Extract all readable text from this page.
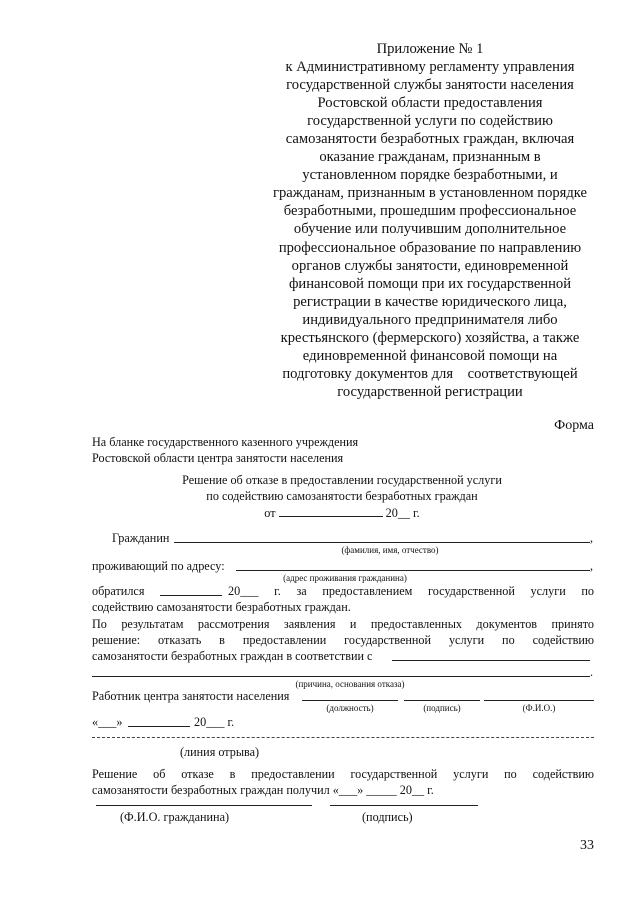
Приложение № 1
к Административному регламенту управления
государственной службы занятости населения
Ростовской области предоставления
государственной услуги по содействию
самозанятости безработных граждан, включая
оказание гражданам, признанным в
установленном порядке безработными, и
гражданам, признанным в установленном порядке
безработными, прошедшим профессиональное
обучение или получившим дополнительное
профессиональное образование по направлению
органов службы занятости, единовременной
финансовой помощи при их государственной
регистрации в качестве юридического лица,
индивидуального предпринимателя либо
крестьянского (фермерского) хозяйства, а также
единовременной финансовой помощи на
подготовку документов для    соответствующей
государственной регистрации
Форма
На бланке государственного казенного учреждения
Ростовской области центра занятости населения
Решение об отказе в предоставлении государственной услуги
по содействию самозанятости безработных граждан
от	20__ г.
Гражданин	,
(фамилия, имя, отчество)
проживающий по адресу:	,
(адрес проживания гражданина)
обратился	20___ г. за предоставлением государственной услуги по
содействию самозанятости безработных граждан.
По результатам рассмотрения заявления и предоставленных документов принято
решение: отказать в предоставлении государственной услуги по содействию
самозанятости безработных граждан в соответствии с
.
(причина, основания отказа)
Работник центра занятости населения
(должность)	(подпись)	(Ф.И.О.)
«___»	20___ г.
(линия отрыва)
Решение об отказе в предоставлении государственной услуги по содействию
самозанятости безработных граждан получил «___» _____ 20__ г.
(Ф.И.О. гражданина)	(подпись)
33
